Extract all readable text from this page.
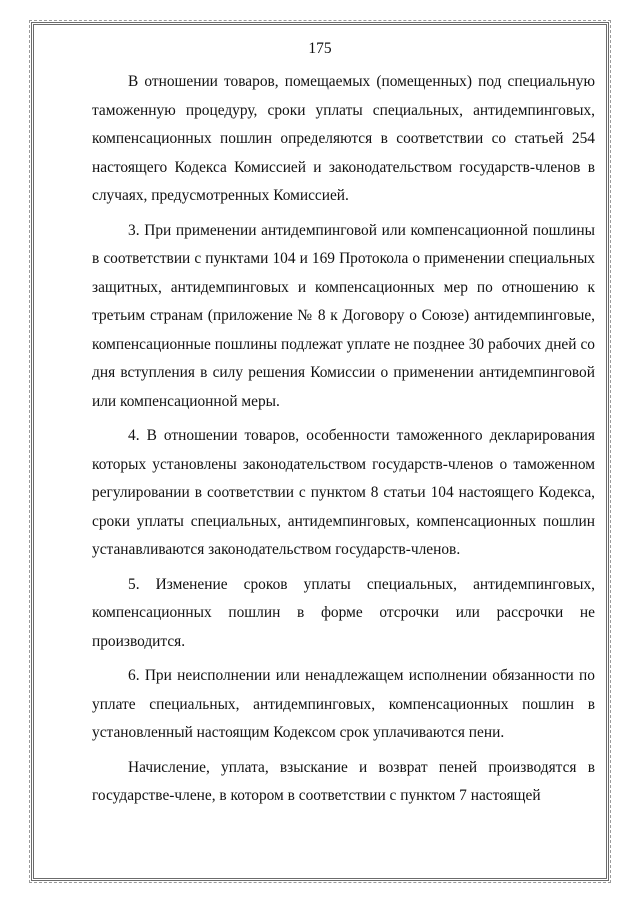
175

В отношении товаров, помещаемых (помещенных) под специальную таможенную процедуру, сроки уплаты специальных, антидемпинговых, компенсационных пошлин определяются в соответствии со статьей 254 настоящего Кодекса Комиссией и законодательством государств-членов в случаях, предусмотренных Комиссией.

3. При применении антидемпинговой или компенсационной пошлины в соответствии с пунктами 104 и 169 Протокола о применении специальных защитных, антидемпинговых и компенсационных мер по отношению к третьим странам (приложение № 8 к Договору о Союзе) антидемпинговые, компенсационные пошлины подлежат уплате не позднее 30 рабочих дней со дня вступления в силу решения Комиссии о применении антидемпинговой или компенсационной меры.

4. В отношении товаров, особенности таможенного декларирования которых установлены законодательством государств-членов о таможенном регулировании в соответствии с пунктом 8 статьи 104 настоящего Кодекса, сроки уплаты специальных, антидемпинговых, компенсационных пошлин устанавливаются законодательством государств-членов.

5. Изменение сроков уплаты специальных, антидемпинговых, компенсационных пошлин в форме отсрочки или рассрочки не производится.

6. При неисполнении или ненадлежащем исполнении обязанности по уплате специальных, антидемпинговых, компенсационных пошлин в установленный настоящим Кодексом срок уплачиваются пени.

Начисление, уплата, взыскание и возврат пеней производятся в государстве-члене, в котором в соответствии с пунктом 7 настоящей
